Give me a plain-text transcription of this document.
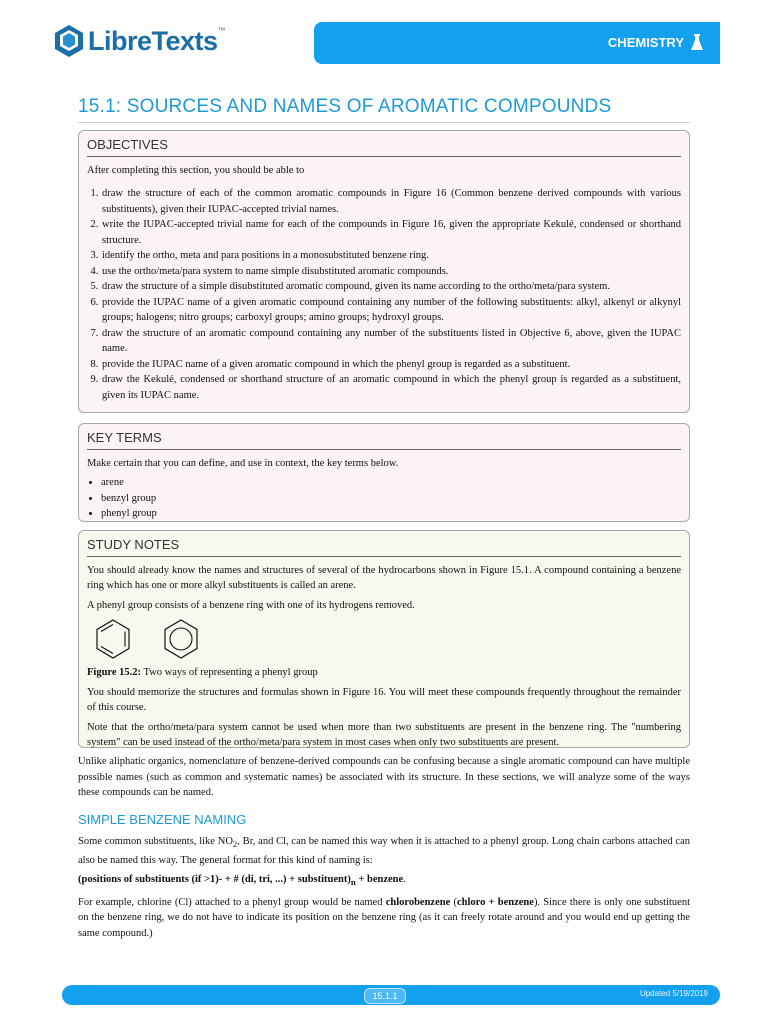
LibreTexts™
CHEMISTRY
15.1: SOURCES AND NAMES OF AROMATIC COMPOUNDS
OBJECTIVES

After completing this section, you should be able to

1. draw the structure of each of the common aromatic compounds in Figure 16 (Common benzene derived compounds with various substituents), given their IUPAC-accepted trivial names.
2. write the IUPAC-accepted trivial name for each of the compounds in Figure 16, given the appropriate Kekulé, condensed or shorthand structure.
3. identify the ortho, meta and para positions in a monosubstituted benzene ring.
4. use the ortho/meta/para system to name simple disubstituted aromatic compounds.
5. draw the structure of a simple disubstituted aromatic compound, given its name according to the ortho/meta/para system.
6. provide the IUPAC name of a given aromatic compound containing any number of the following substituents: alkyl, alkenyl or alkynyl groups; halogens; nitro groups; carboxyl groups; amino groups; hydroxyl groups.
7. draw the structure of an aromatic compound containing any number of the substituents listed in Objective 6, above, given the IUPAC name.
8. provide the IUPAC name of a given aromatic compound in which the phenyl group is regarded as a substituent.
9. draw the Kekulé, condensed or shorthand structure of an aromatic compound in which the phenyl group is regarded as a substituent, given its IUPAC name.
KEY TERMS

Make certain that you can define, and use in context, the key terms below.

• arene
• benzyl group
• phenyl group
STUDY NOTES

You should already know the names and structures of several of the hydrocarbons shown in Figure 15.1. A compound containing a benzene ring which has one or more alkyl substituents is called an arene.

A phenyl group consists of a benzene ring with one of its hydrogens removed.

Figure 15.2: Two ways of representing a phenyl group

You should memorize the structures and formulas shown in Figure 16. You will meet these compounds frequently throughout the remainder of this course.

Note that the ortho/meta/para system cannot be used when more than two substituents are present in the benzene ring. The "numbering system" can be used instead of the ortho/meta/para system in most cases when only two substituents are present.

Unlike aliphatic organics, nomenclature of benzene-derived compounds can be confusing because a single aromatic compound can have multiple possible names (such as common and systematic names) be associated with its structure. In these sections, we will analyze some of the ways these compounds can be named.

SIMPLE BENZENE NAMING

Some common substituents, like $NO_2$, Br, and Cl, can be named this way when it is attached to a phenyl group. Long chain carbons attached can also be named this way. The general format for this kind of naming is:

(positions of substituents (if >1)- + # (di, tri, ...) + $substituent)_n$ + benzene.

For example, chlorine (Cl) attached to a phenyl group would be named chlorobenzene (chloro + benzene). Since there is only one substituent on the benzene ring, we do not have to indicate its position on the benzene ring (as it can freely rotate around and you would end up getting the same compound.)

15.1.1	Updated 5/19/2019
